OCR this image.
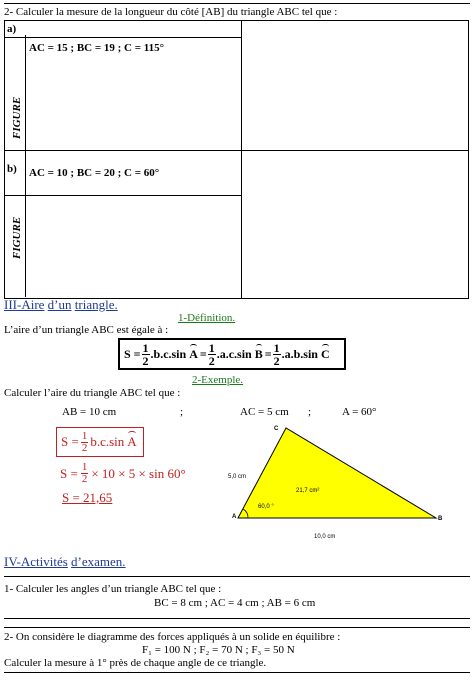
2- Calculer la mesure de la longueur du côté [AB] du triangle ABC tel que :
a)
AC = 15 ; BC = 19 ; C = 115°
FIGURE	

b) AC = 10 ; BC = 20 ; C = 60°
FIGURE	

III-Aire d’un triangle.
1-Définition.
L’aire d’un triangle ABC est égale à :
$S = \frac{1}{2} .b.c.\sin$ $A = \frac{1}{2} .a.c.\sin$ $B = \frac{1}{2} .a.b.\sin$ C
2-Exemple.
Calculer l’aire du triangle ABC tel que :
AB = 10 cm	;	AC = 5 cm ;	A = 60°
$S = \frac{1}{2} b.c.\sin$ A
$S = \frac{1}{2} \times 10 \times 5 \times \sin 60^\circ$
S = 21,65
C
A	B
5,0 cm
21,7 cm²
60,0 °
10,0 cm
IV-Activités d’examen.
1- Calculer les angles d’un triangle ABC tel que :
BC = 8 cm ; AC = 4 cm ; AB = 6 cm
2- On considère le diagramme des forces appliqués à un solide en équilibre :
F₁ = 100 N ; F₂ = 70 N ; F₃ = 50 N
Calculer la mesure à 1° près de chaque angle de ce triangle.
